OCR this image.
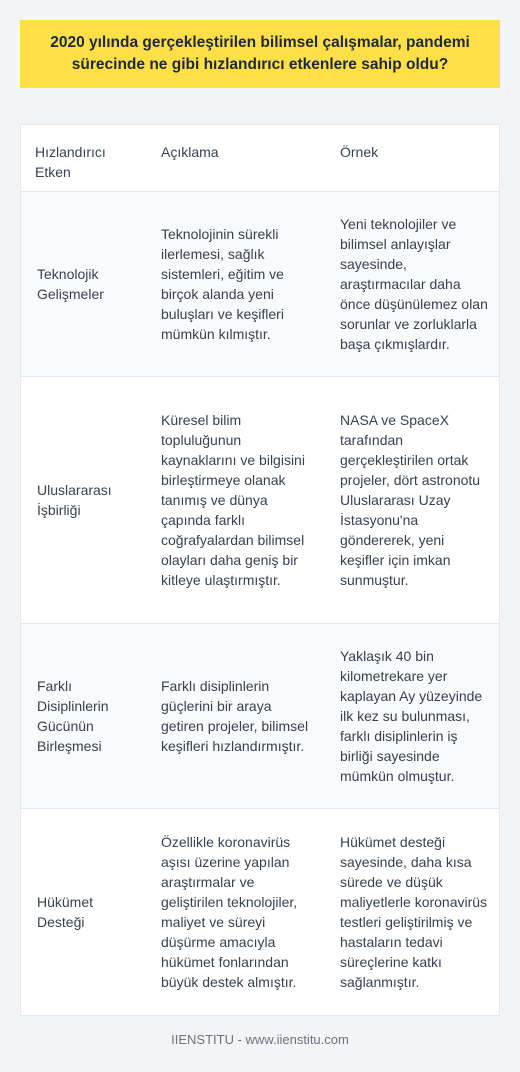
2020 yılında gerçekleştirilen bilimsel çalışmalar, pandemi sürecinde ne gibi hızlandırıcı etkenlere sahip oldu?
Hızlandırıcı Etken
Açıklama	Örnek
Teknolojik Gelişmeler
Teknolojinin sürekli ilerlemesi, sağlık sistemleri, eğitim ve birçok alanda yeni buluşları ve keşifleri mümkün kılmıştır.
Yeni teknolojiler ve bilimsel anlayışlar sayesinde, araştırmacılar daha önce düşünülemez olan sorunlar ve zorluklarla başa çıkmışlardır.
Uluslararası İşbirliği
Küresel bilim topluluğunun kaynaklarını ve bilgisini birleştirmeye olanak tanımış ve dünya çapında farklı coğrafyalardan bilimsel olayları daha geniş bir kitleye ulaştırmıştır.
NASA ve SpaceX tarafından gerçekleştirilen ortak projeler, dört astronotu Uluslararası Uzay İstasyonu'na göndererek, yeni keşifler için imkan sunmuştur.
Farklı Disiplinlerin Gücünün Birleşmesi
Farklı disiplinlerin güçlerini bir araya getiren projeler, bilimsel keşifleri hızlandırmıştır.
Yaklaşık 40 bin kilometrekare yer kaplayan Ay yüzeyinde ilk kez su bulunması, farklı disiplinlerin iş birliği sayesinde mümkün olmuştur.
Hükümet Desteği
Özellikle koronavirüs aşısı üzerine yapılan araştırmalar ve geliştirilen teknolojiler, maliyet ve süreyi düşürme amacıyla hükümet fonlarından büyük destek almıştır.
Hükümet desteği sayesinde, daha kısa sürede ve düşük maliyetlerle koronavirüs testleri geliştirilmiş ve hastaların tedavi süreçlerine katkı sağlanmıştır.
IIENSTITU - www.iienstitu.com
